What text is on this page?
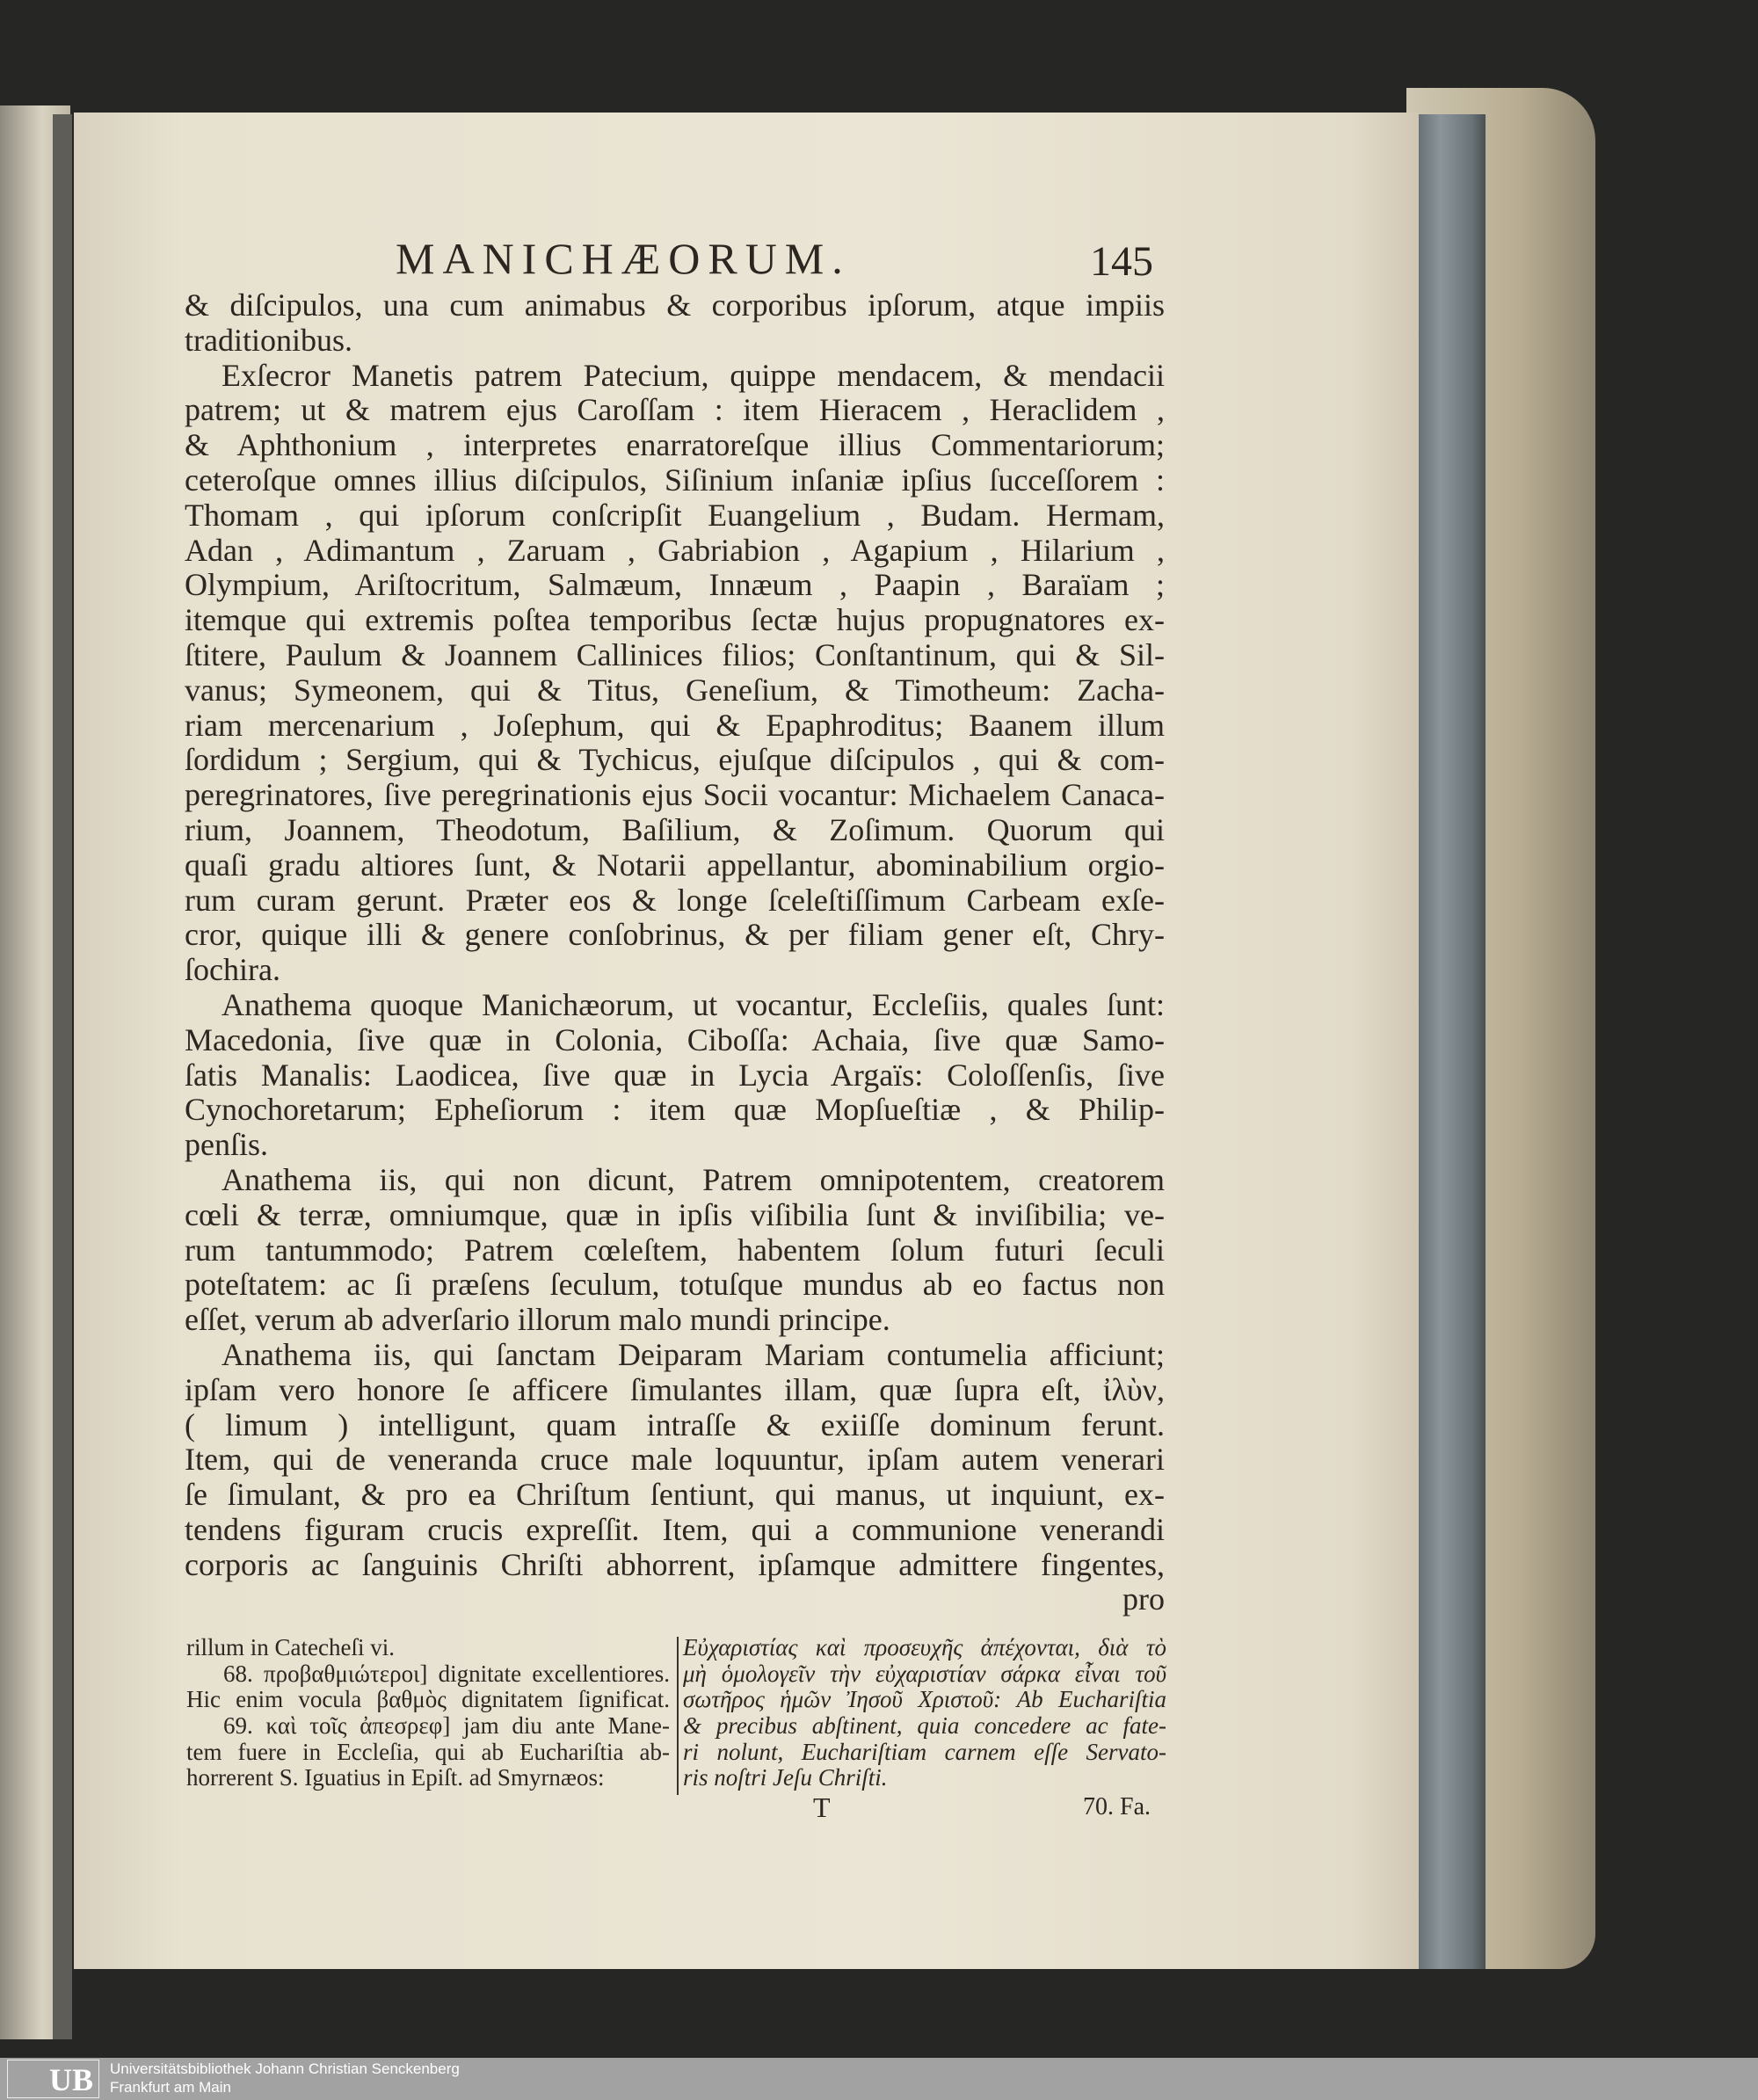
MANICHÆORUM.	145
& diſcipulos, una cum animabus & corporibus ipſorum, atque impiis
traditionibus.
Exſecror Manetis patrem Patecium, quippe mendacem, & mendacii
patrem; ut & matrem ejus Caroſſam : item Hieracem , Heraclidem ,
& Aphthonium , interpretes enarratoreſque illius Commentariorum;
ceteroſque omnes illius diſcipulos, Siſinium inſaniæ ipſius ſucceſſorem :
Thomam , qui ipſorum conſcripſit Euangelium , Budam. Hermam,
Adan , Adimantum , Zaruam , Gabriabion , Agapium , Hilarium ,
Olympium, Ariſtocritum, Salmæum, Innæum , Paapin , Baraïam ;
itemque qui extremis poſtea temporibus ſectæ hujus propugnatores ex-
ſtitere, Paulum & Joannem Callinices filios; Conſtantinum, qui & Sil-
vanus; Symeonem, qui & Titus, Geneſium, & Timotheum: Zacha-
riam mercenarium , Joſephum, qui & Epaphroditus; Baanem illum
ſordidum ; Sergium, qui & Tychicus, ejuſque diſcipulos , qui & com-
peregrinatores, ſive peregrinationis ejus Socii vocantur: Michaelem Canaca-
rium, Joannem, Theodotum, Baſilium, & Zoſimum. Quorum qui
quaſi gradu altiores ſunt, & Notarii appellantur, abominabilium orgio-
rum curam gerunt. Præter eos & longe ſceleſtiſſimum Carbeam exſe-
cror, quique illi & genere conſobrinus, & per filiam gener eſt, Chry-
ſochira.
Anathema quoque Manichæorum, ut vocantur, Eccleſiis, quales ſunt:
Macedonia, ſive quæ in Colonia, Ciboſſa: Achaia, ſive quæ Samo-
ſatis Manalis: Laodicea, ſive quæ in Lycia Argaïs: Coloſſenſis, ſive
Cynochoretarum; Epheſiorum : item quæ Mopſueſtiæ , & Philip-
penſis.
Anathema iis, qui non dicunt, Patrem omnipotentem, creatorem
cœli & terræ, omniumque, quæ in ipſis viſibilia ſunt & inviſibilia; ve-
rum tantummodo; Patrem cœleſtem, habentem ſolum futuri ſeculi
poteſtatem: ac ſi præſens ſeculum, totuſque mundus ab eo factus non
eſſet, verum ab adverſario illorum malo mundi principe.
Anathema iis, qui ſanctam Deiparam Mariam contumelia afficiunt;
ipſam vero honore ſe afficere ſimulantes illam, quæ ſupra eſt, ἰλὺν,
( limum ) intelligunt, quam intraſſe & exiiſſe dominum ferunt.
Item, qui de veneranda cruce male loquuntur, ipſam autem venerari
ſe ſimulant, & pro ea Chriſtum ſentiunt, qui manus, ut inquiunt, ex-
tendens figuram crucis expreſſit. Item, qui a communione venerandi
corporis ac ſanguinis Chriſti abhorrent, ipſamque admittere fingentes,
pro
rillum in Catecheſi vi.
68. προβαθμιώτεροι] dignitate excellentiores.
Hic enim vocula βαθμὸς dignitatem ſignificat.
69. καὶ τοῖς ἀπεσρεφ] jam diu ante Mane-
tem fuere in Eccleſia, qui ab Euchariſtia ab-
horrerent S. Iguatius in Epiſt. ad Smyrnæos:
Εὐχαριστίας καὶ προσευχῆς ἀπέχονται, διὰ τὸ
μὴ ὁμολογεῖν τὴν εὐχαριστίαν σάρκα εἶναι τοῦ
σωτῆρος ἡμῶν Ἰησοῦ Χριστοῦ: Ab Euchariſtia
& precibus abſtinent, quia concedere ac fate-
ri nolunt, Euchariſtiam carnem eſſe Servato-
ris noſtri Jeſu Chriſti.
T	70. Fa.
UB	Universitätsbibliothek Johann Christian Senckenberg
Frankfurt am Main
